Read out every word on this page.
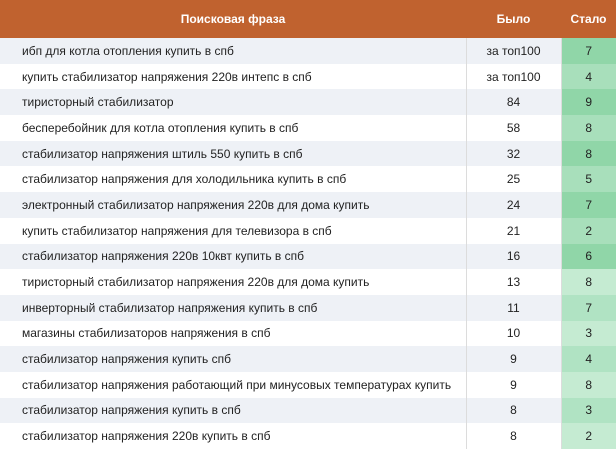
Поисковая фраза	Было	Стало
ибп для котла отопления купить в спб	за топ100	7
купить стабилизатор напряжения 220в интепс в спб	за топ100	4
тиристорный стабилизатор	84	9
бесперебойник для котла отопления купить в спб	58	8
стабилизатор напряжения штиль 550 купить в спб	32	8
стабилизатор напряжения для холодильника купить в спб	25	5
электронный стабилизатор напряжения 220в для дома купить	24	7
купить стабилизатор напряжения для телевизора в спб	21	2
стабилизатор напряжения 220в 10квт купить в спб	16	6
тиристорный стабилизатор напряжения 220в для дома купить	13	8
инверторный стабилизатор напряжения купить в спб	11	7
магазины стабилизаторов напряжения в спб	10	3
стабилизатор напряжения купить спб	9	4
стабилизатор напряжения работающий при минусовых температурах купить	9	8
стабилизатор напряжения купить в спб	8	3
стабилизатор напряжения 220в купить в спб	8	2
